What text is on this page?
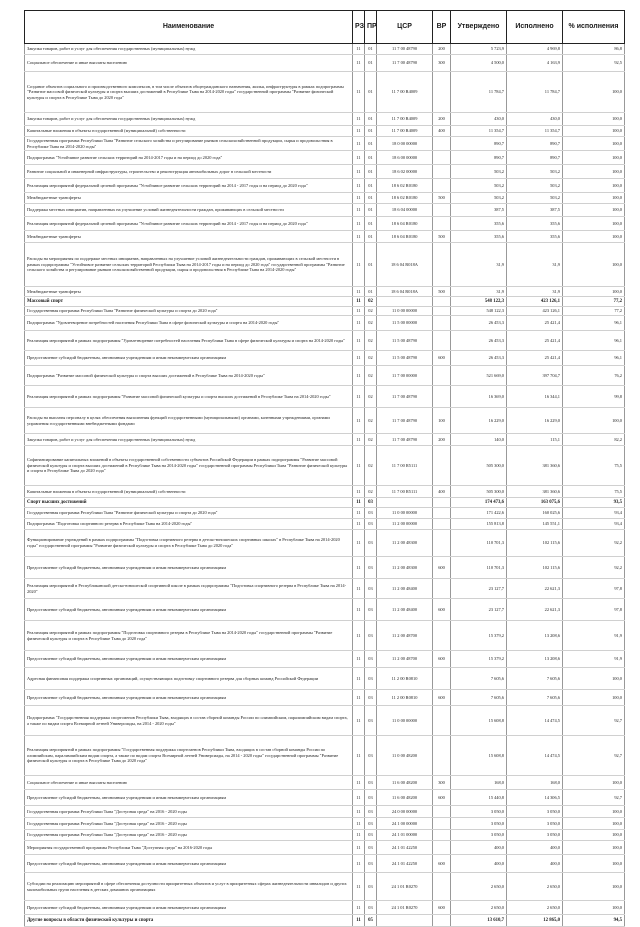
Наименование	РЗ	ПР	ЦСР	ВР	Утверждено	Исполнено	% исполнения
Закупка товаров, работ и услуг для обеспечения государственных (муниципальных) нужд	11	01	11 7 00 48790	200	5 723,9	4 969,8	86,8
Социальное обеспечение и иные выплаты населению	11	01	11 7 00 48790	300	4 500,0	4 163,9	92,5
Создание объектов социального и производственного комплексов, в том числе объектов общегражданского назначения, жилья, инфраструктуры в рамках подпрограммы "Развитие массовой физической культуры и спорта высших достижений в Республике Тыва на 2014-2020 годы" государственной программы "Развитие физической культуры и спорта в Республике Тыва до 2020 года"	11	01	11 7 00 R4009		11 784,7	11 784,7	100,0
Закупка товаров, работ и услуг для обеспечения государственных (муниципальных) нужд	11	01	11 7 00 R4009	200	430,0	430,0	100,0
Капитальные вложения в объекты государственной (муниципальной) собственности	11	01	11 7 00 R4009	400	11 354,7	11 354,7	100,0
Государственная программа Республики Тыва "Развитие сельского хозяйства и регулирование рынков сельскохозяйственной продукции, сырья и продовольствия в Республике Тыва на 2014-2020 годы"	11	01	18 0 00 00000		890,7	890,7	100,0
Подпрограмма "Устойчивое развитие сельских территорий на 2014-2017 годы и на период до 2020 года"	11	01	18 6 00 00000		890,7	890,7	100,0
Развитие социальной и инженерной инфраструктуры, строительство и реконструкция автомобильных дорог в сельской местности	11	01	18 6 02 00000		503,2	503,2	100,0
Реализация мероприятий федеральной целевой программы "Устойчивое развитие сельских территорий на 2014 - 2017 годы и на период до 2020 года"	11	01	18 6 02 R0180		503,2	503,2	100,0
Межбюджетные трансферты	11	01	18 6 02 R0180	500	503,2	503,2	100,0
Поддержка местных инициатив, направленных на улучшение условий жизнедеятельности граждан, проживающих в сельской местности	11	01	18 6 04 00000		387,5	387,5	100,0
Реализация мероприятий федеральной целевой программы "Устойчивое развитие сельских территорий на 2014 - 2017 годы и на период до 2020 года"	11	01	18 6 04 R0180		355,6	355,6	100,0
Межбюджетные трансферты	11	01	18 6 04 R0180	500	355,6	355,6	100,0
Расходы на мероприятия по поддержке местных инициатив, направленных на улучшение условий жизнедеятельности граждан, проживающих в сельской местности в рамках подпрограммы "Устойчивое развитие сельских территорий Республики Тыва на 2014-2017 годы и на период до 2020 года" государственной программы "Развитие сельского хозяйства и регулирование рынков сельскохозяйственной продукции, сырья и продовольствия в Республике Тыва на 2014-2020 годы"	11	01	18 6 04 R018A		31,9	31,9	100,0
Межбюджетные трансферты	11	01	18 6 04 R018A	500	31,9	31,9	100,0
Массовый спорт	11	02			548 122,3	423 126,1	77,2
Государственная программа Республики Тыва "Развитие физической культуры и спорта до 2020 года"	11	02	11 0 00 00000		548 122,3	423 126,1	77,2
Подпрограмма "Удовлетворение потребностей населения Республики Тыва в сфере физической культуры и спорта на 2014-2020 годы"	11	02	11 5 00 00000		26 453,3	25 421,4	96,1
Реализация мероприятий в рамках подпрограммы "Удовлетворение потребностей населения Республики Тыва в сфере физической культуры и спорта на 2014-2020 годы"	11	02	11 5 00 48790		26 453,3	25 421,4	96,1
Предоставление субсидий бюджетным, автономным учреждениям и иным некоммерческим организациям	11	02	11 5 00 48790	600	26 453,3	25 421,4	96,1
Подпрограмма "Развитие массовой физической культуры и спорта высших достижений в Республике Тыва на 2014-2020 годы"	11	02	11 7 00 00000		521 669,0	397 704,7	76,2
Реализация мероприятий в рамках подпрограммы "Развитие массовой физической культуры и спорта высших достижений в Республике Тыва на 2014-2020 годы"	11	02	11 7 00 48790		16 369,0	16 344,1	99,8
Расходы на выплаты персоналу в целях обеспечения выполнения функций государственными (муниципальными) органами, казенными учреждениями, органами управления государственными внебюджетными фондами	11	02	11 7 00 48790	100	16 229,0	16 229,0	100,0
Закупка товаров, работ и услуг для обеспечения государственных (муниципальных) нужд	11	02	11 7 00 48790	200	140,0	115,1	82,2
Софинансирование капитальных вложений в объекты государственной собственности субъектов Российской Федерации в рамках подпрограммы "Развитие массовой физической культуры и спорта высших достижений в Республике Тыва на 2014-2020 годы" государственной программы Республики Тыва "Развитие физической культуры и спорта в Республике Тыва до 2020 года"	11	02	11 7 00 R5111		505 300,0	381 360,6	75,5
Капитальные вложения в объекты государственной (муниципальной) собственности	11	02	11 7 00 R5111	400	505 300,0	381 360,6	75,5
Спорт высших достижений	11	03			174 473,6	163 075,6	93,5
Государственная программа Республики Тыва "Развитие физической культуры и спорта до 2020 года"	11	03	11 0 00 00000		171 422,6	160 025,6	93,4
Подпрограмма "Подготовка спортивного резерва в Республике Тыва на 2014-2020 годы"	11	03	11 2 00 00000		155 813,8	145 551,1	93,4
Функционирование учреждений в рамках подпрограммы "Подготовка спортивного резерва в детско-юношеских спортивных школах" в Республике Тыва на 2014-2020 годы" государственной программы "Развитие физической культуры и спорта в Республике Тыва до 2020 года"	11	03	11 2 00 48300		110 701,3	102 115,6	92,2
Предоставление субсидий бюджетным, автономным учреждениям и иным некоммерческим организациям	11	03	11 2 00 48300	600	110 701,3	102 115,6	92,2
Реализация мероприятий в Республиканской детско-юношеской спортивной школе в рамках подпрограммы "Подготовка спортивного резерва в Республике Тыва на 2014-2020"	11	03	11 2 00 48400		23 127,7	22 621,3	97,8
Предоставление субсидий бюджетным, автономным учреждениям и иным некоммерческим организациям	11	03	11 2 00 48400	600	23 127,7	22 621,3	97,8
Реализация мероприятий в рамках подпрограммы "Подготовка спортивного резерва в Республике Тыва на 2014-2020 годы" государственной программы "Развитие физической культуры и спорта в Республике Тыва до 2020 года"	11	03	11 2 00 48700		15 379,2	13 208,6	91,9
Предоставление субсидий бюджетным, автономным учреждениям и иным некоммерческим организациям	11	03	11 2 00 48700	600	15 379,2	13 208,6	91,9
Адресная финансовая поддержка спортивных организаций, осуществляющих подготовку спортивного резерва для сборных команд Российской Федерации	11	03	11 2 00 R0810		7 605,6	7 605,6	100,0
Предоставление субсидий бюджетным, автономным учреждениям и иным некоммерческим организациям	11	03	11 2 00 R0810	600	7 605,6	7 605,6	100,0
Подпрограмма "Государственная поддержка спортсменов Республики Тыва, входящих в состав сборной команды России по олимпийским, паралимпийским видам спорта, а также по видам спорта Всемирной летней Универсиады, на 2014 - 2020 годы"	11	03	11 0 00 00000		15 608,8	14 474,5	92,7
Реализация мероприятий в рамках подпрограммы "Государственная поддержка спортсменов Республики Тыва, входящих в состав сборной команды России по олимпийским, паралимпийским видам спорта, а также по видам спорта Всемирной летней Универсиады, на 2014 - 2020 годы" государственной программы "Развитие физической культуры и спорта в Республике Тыва до 2020 года"	11	03	11 0 00 48200		15 608,8	14 474,5	92,7
Социальное обеспечение и иные выплаты населению	11	03	11 6 00 48200	300	168,0	168,0	100,0
Предоставление субсидий бюджетным, автономным учреждениям и иным некоммерческим организациям	11	03	11 6 00 48200	600	15 440,8	14 306,5	92,7
Государственная программа Республики Тыва "Доступная среда" на 2016 - 2020 годы	11	03	24 0 00 00000		3 050,0	3 050,0	100,0
Государственная программа Республики Тыва "Доступная среда" на 2016 - 2020 годы	11	03	24 1 00 00000		3 050,0	3 050,0	100,0
Государственная программа Республики Тыва "Доступная среда" на 2016 - 2020 годы	11	03	24 1 01 00000		3 050,0	3 050,0	100,0
Мероприятия государственной программы Республики Тыва "Доступная среда" на 2016-2020 годы	11	03	24 1 01 42250		400,0	400,0	100,0
Предоставление субсидий бюджетным, автономным учреждениям и иным некоммерческим организациям	11	03	24 1 01 42250	600	400,0	400,0	100,0
Субсидии на реализацию мероприятий в сфере обеспечения доступности приоритетных объектов и услуг в приоритетных сферах жизнедеятельности инвалидов и других маломобильных групп населения в детских домашних организациях	11	03	24 1 01 R0270		2 650,0	2 650,0	100,0
Предоставление субсидий бюджетным, автономным учреждениям и иным некоммерческим организациям	11	03	24 1 01 R0270	600	2 650,0	2 650,0	100,0
Другие вопросы в области физической культуры и спорта	11	05			13 610,7	12 865,0	94,5
